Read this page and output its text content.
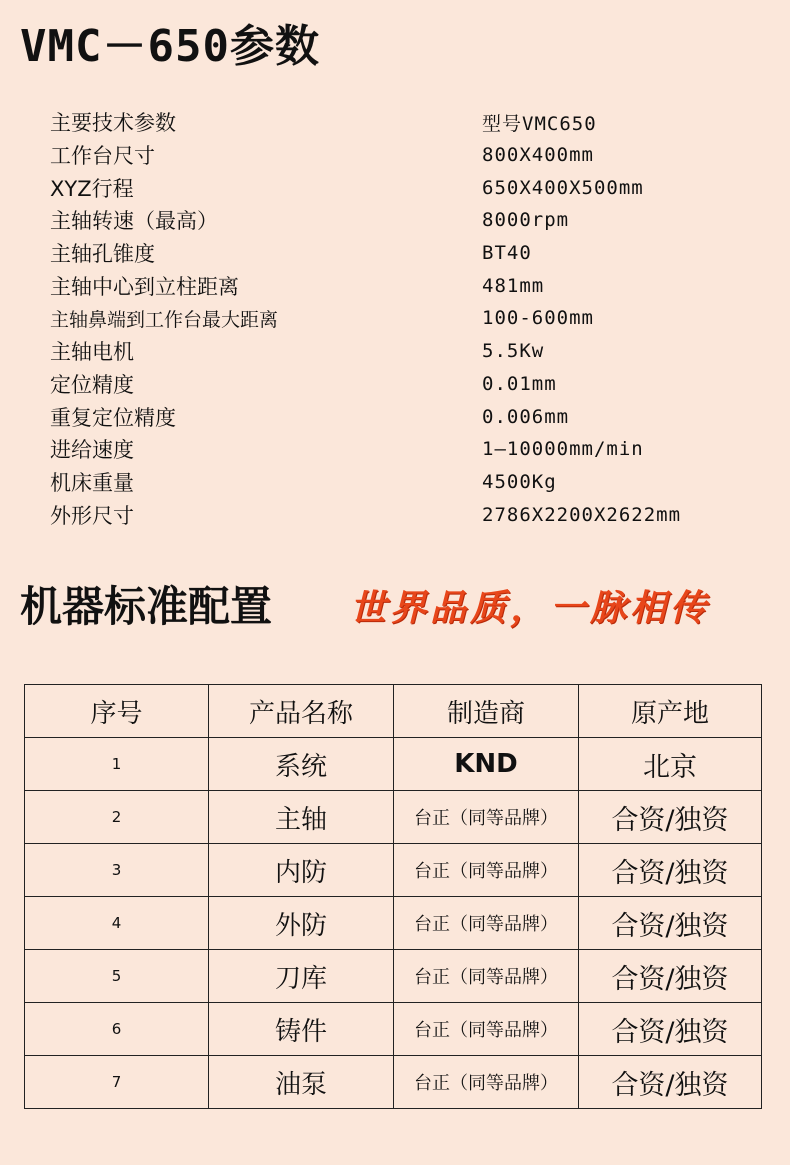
VMC－650参数
主要技术参数	型号VMC650
工作台尺寸	800X400mm
XYZ行程	650X400X500mm
主轴转速（最高）	8000rpm
主轴孔锥度	BT40
主轴中心到立柱距离	481mm
主轴鼻端到工作台最大距离	100-600mm
主轴电机	5.5Kw
定位精度	0.01mm
重复定位精度	0.006mm
进给速度	1—10000mm/min
机床重量	4500Kg
外形尺寸	2786X2200X2622mm
机器标准配置 世界品质，一脉相传
序号	产品名称	制造商	原产地
1	系统	KND	北京
2	主轴	台正（同等品牌）	合资/独资
3	内防	台正（同等品牌）	合资/独资
4	外防	台正（同等品牌）	合资/独资
5	刀库	台正（同等品牌）	合资/独资
6	铸件	台正（同等品牌）	合资/独资
7	油泵	台正（同等品牌）	合资/独资
